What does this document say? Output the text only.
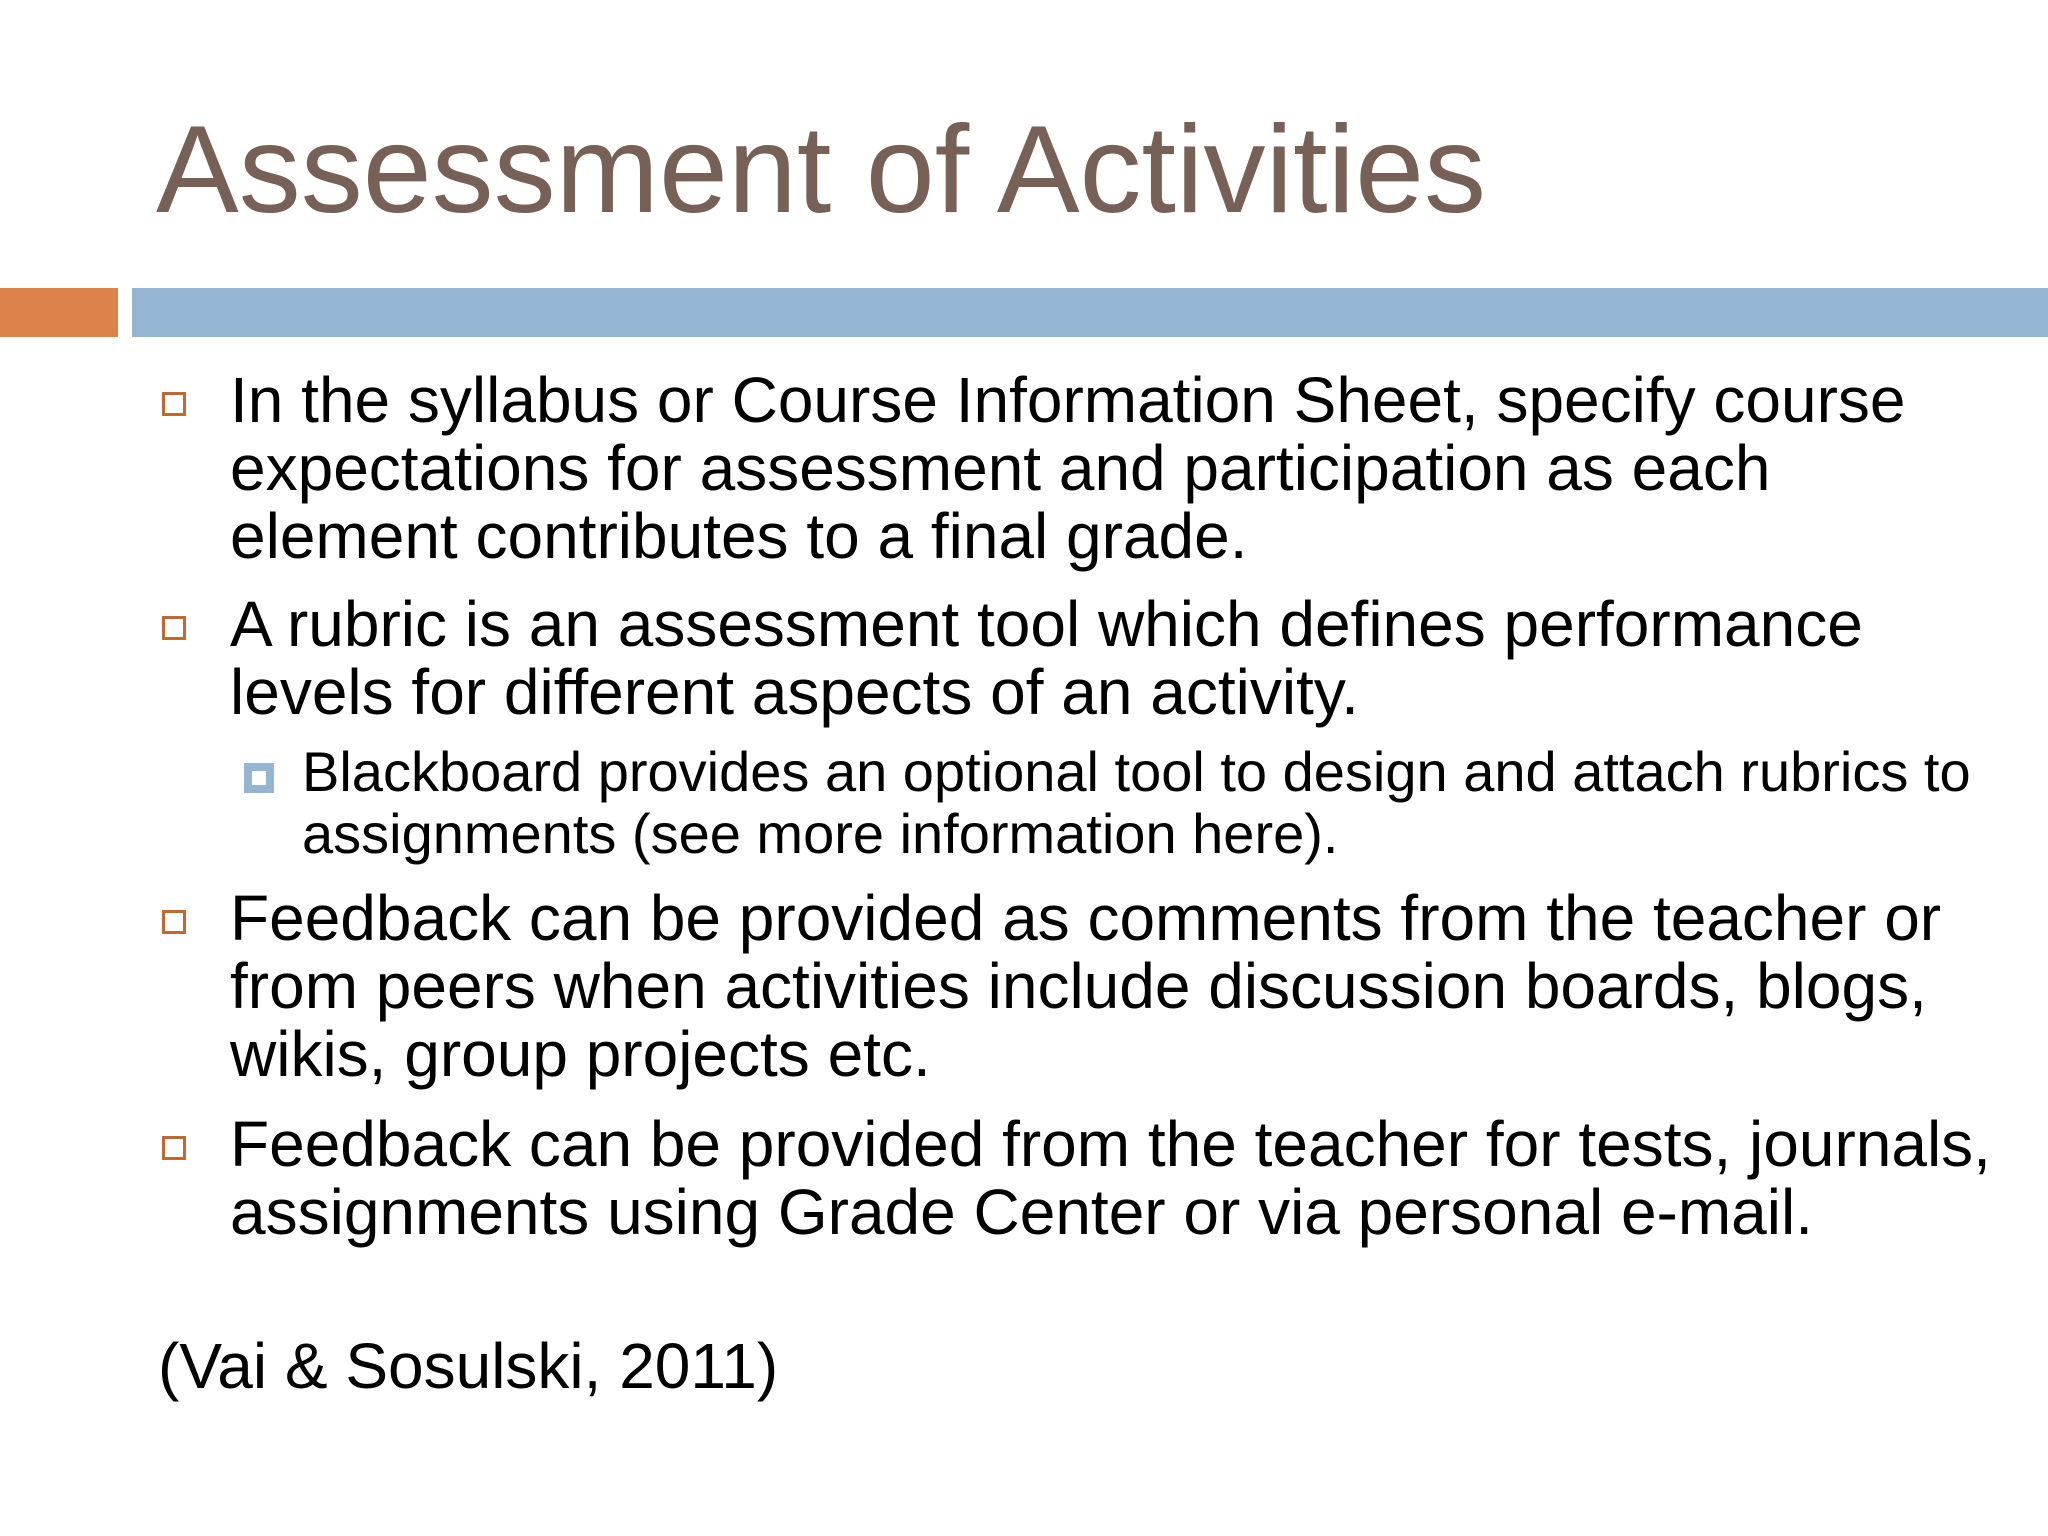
Assessment of Activities
In the syllabus or Course Information Sheet, specify course expectations for assessment and participation as each element contributes to a final grade.
A rubric is an assessment tool which defines performance levels for different aspects of an activity.
Blackboard provides an optional tool to design and attach rubrics to assignments (see more information here).
Feedback can be provided as comments from the teacher or from peers when activities include discussion boards, blogs, wikis, group projects etc.
Feedback can be provided from the teacher for tests, journals, assignments using Grade Center or via personal e-mail.
(Vai & Sosulski, 2011)
